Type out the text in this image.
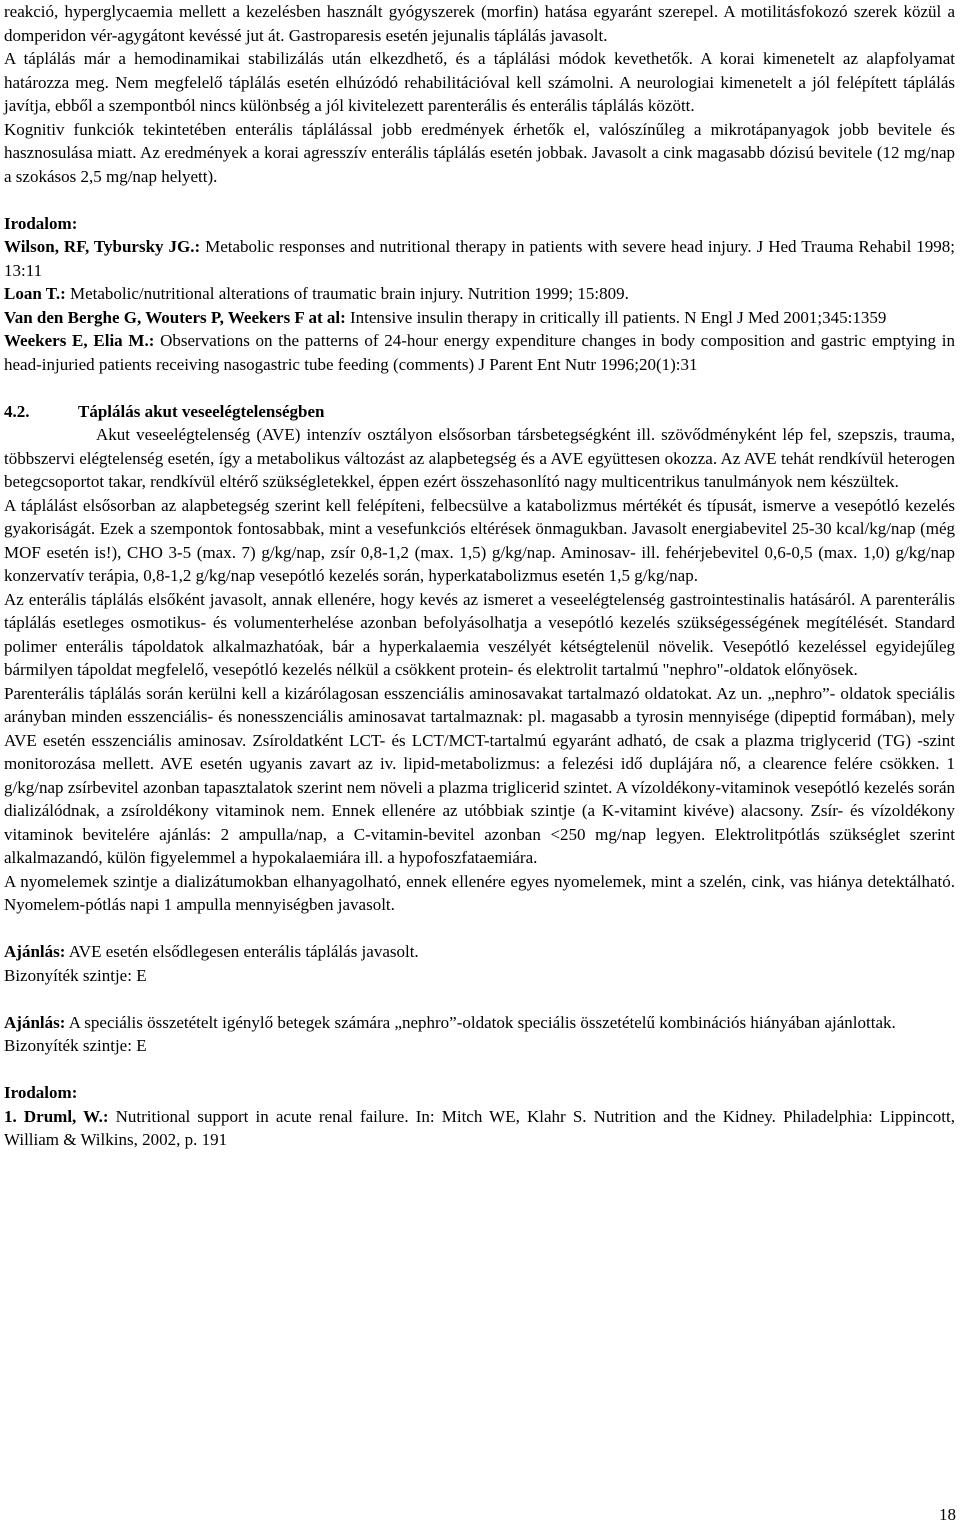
reakció, hyperglycaemia mellett a kezelésben használt gyógyszerek (morfin) hatása egyaránt szerepel. A motilitásfokozó szerek közül a domperidon vér-agygátont kevéssé jut át. Gastroparesis esetén jejunalis táplálás javasolt.

A táplálás már a hemodinamikai stabilizálás után elkezdhető, és a táplálási módok kevethetők. A korai kimenetelt az alapfolyamat határozza meg. Nem megfelelő táplálás esetén elhúzódó rehabilitációval kell számolni. A neurologiai kimenetelt a jól felépített táplálás javítja, ebből a szempontból nincs különbség a jól kivitelezett parenterális és enterális táplálás között.

Kognitiv funkciók tekintetében enterális táplálással jobb eredmények érhetők el, valószínűleg a mikrotápanyagok jobb bevitele és hasznosulása miatt. Az eredmények a korai agresszív enterális táplálás esetén jobbak. Javasolt a cink magasabb dózisú bevitele (12 mg/nap a szokásos 2,5 mg/nap helyett).

Irodalom:

Wilson, RF, Tybursky JG.: Metabolic responses and nutritional therapy in patients with severe head injury. J Hed Trauma Rehabil 1998; 13:11

Loan T.: Metabolic/nutritional alterations of traumatic brain injury. Nutrition 1999; 15:809.

Van den Berghe G, Wouters P, Weekers F at al: Intensive insulin therapy in critically ill patients. N Engl J Med 2001;345:1359

Weekers E, Elia M.: Observations on the patterns of 24-hour energy expenditure changes in body composition and gastric emptying in head-injuried patients receiving nasogastric tube feeding (comments) J Parent Ent Nutr 1996;20(1):31

4.2.	Táplálás akut veseelégtelenségben

Akut veseelégtelenség (AVE) intenzív osztályon elsősorban társbetegségként ill. szövődményként lép fel, szepszis, trauma, többszervi elégtelenség esetén, így a metabolikus változást az alapbetegség és a AVE együttesen okozza. Az AVE tehát rendkívül heterogen betegcsoportot takar, rendkívül eltérő szükségletekkel, éppen ezért összehasonlító nagy multicentrikus tanulmányok nem készültek.

A táplálást elsősorban az alapbetegség szerint kell felépíteni, felbecsülve a katabolizmus mértékét és típusát, ismerve a vesepótló kezelés gyakoriságát. Ezek a szempontok fontosabbak, mint a vesefunkciós eltérések önmagukban. Javasolt energiabevitel 25-30 kcal/kg/nap (még MOF esetén is!), CHO 3-5 (max. 7) g/kg/nap, zsír 0,8-1,2 (max. 1,5) g/kg/nap. Aminosav- ill. fehérjebevitel 0,6-0,5 (max. 1,0) g/kg/nap konzervatív terápia, 0,8-1,2 g/kg/nap vesepótló kezelés során, hyperkatabolizmus esetén 1,5 g/kg/nap.

Az enterális táplálás elsőként javasolt, annak ellenére, hogy kevés az ismeret a veseelégtelenség gastrointestinalis hatásáról. A parenterális táplálás esetleges osmotikus- és volumenterhelése azonban befolyásolhatja a vesepótló kezelés szükségességének megítélését. Standard polimer enterális tápoldatok alkalmazhatóak, bár a hyperkalaemia veszélyét kétségtelenül növelik. Vesepótló kezeléssel egyidejűleg bármilyen tápoldat megfelelő, vesepótló kezelés nélkül a csökkent protein- és elektrolit tartalmú "nephro"-oldatok előnyösek.

Parenterális táplálás során kerülni kell a kizárólagosan esszenciális aminosavakat tartalmazó oldatokat. Az un. „nephro”- oldatok speciális arányban minden esszenciális- és nonesszenciális aminosavat tartalmaznak: pl. magasabb a tyrosin mennyisége (dipeptid formában), mely AVE esetén esszenciális aminosav. Zsíroldatként LCT- és LCT/MCT-tartalmú egyaránt adható, de csak a plazma triglycerid (TG) -szint monitorozása mellett. AVE esetén ugyanis zavart az iv. lipid-metabolizmus: a felezési idő duplájára nő, a clearence felére csökken. 1 g/kg/nap zsírbevitel azonban tapasztalatok szerint nem növeli a plazma triglicerid szintet. A vízoldékony-vitaminok vesepótló kezelés során dializálódnak, a zsíroldékony vitaminok nem. Ennek ellenére az utóbbiak szintje (a K-vitamint kivéve) alacsony. Zsír- és vízoldékony vitaminok bevitelére ajánlás: 2 ampulla/nap, a C-vitamin-bevitel azonban <250 mg/nap legyen. Elektrolitpótlás szükséglet szerint alkalmazandó, külön figyelemmel a hypokalaemiára ill. a hypofoszfataemiára.

A nyomelemek szintje a dializátumokban elhanyagolható, ennek ellenére egyes nyomelemek, mint a szelén, cink, vas hiánya detektálható. Nyomelem-pótlás napi 1 ampulla mennyiségben javasolt.

Ajánlás: AVE esetén elsődlegesen enterális táplálás javasolt.

Bizonyíték szintje: E

Ajánlás: A speciális összetételt igénylő betegek számára „nephro”-oldatok speciális összetételű kombinációs hiányában ajánlottak.

Bizonyíték szintje: E

Irodalom:

1. Druml, W.: Nutritional support in acute renal failure. In: Mitch WE, Klahr S. Nutrition and the Kidney. Philadelphia: Lippincott, William & Wilkins, 2002, p. 191

18
